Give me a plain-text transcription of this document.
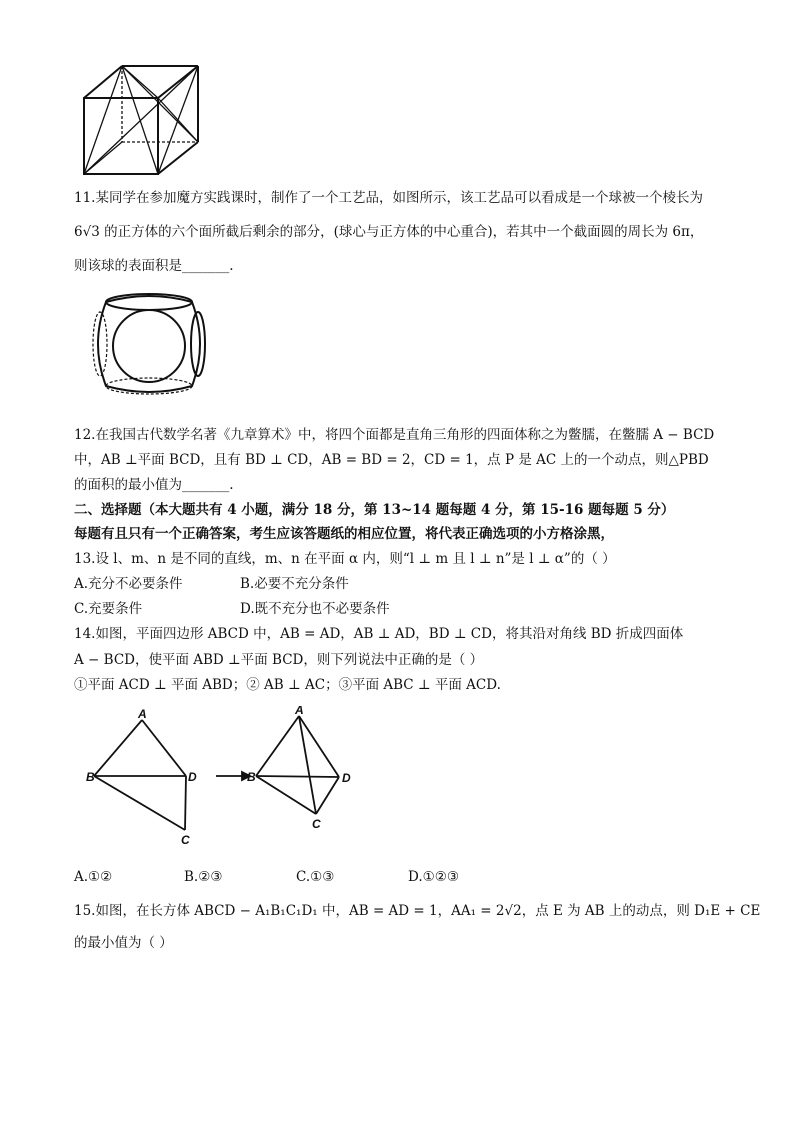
11.某同学在参加魔方实践课时，制作了一个工艺品，如图所示，该工艺品可以看成是一个球被一个棱长为
6√3 的正方体的六个面所截后剩余的部分，(球心与正方体的中心重合)，若其中一个截面圆的周长为 6π，
则该球的表面积是_______.
12.在我国古代数学名著《九章算术》中，将四个面都是直角三角形的四面体称之为鳖臑，在鳖臑 A − BCD
中，AB ⊥平面 BCD，且有 BD ⊥ CD，AB = BD = 2，CD = 1，点 P 是 AC 上的一个动点，则△PBD
的面积的最小值为_______.
二、选择题（本大题共有 4 小题，满分 18 分，第 13~14 题每题 4 分，第 15-16 题每题 5 分）
每题有且只有一个正确答案，考生应该答题纸的相应位置，将代表正确选项的小方格涂黑，
13.设 l、m、n 是不同的直线，m、n 在平面 α 内，则“l ⊥ m 且 l ⊥ n”是 l ⊥ α”的（ ）
A.充分不必要条件	B.必要不充分条件
C.充要条件	D.既不充分也不必要条件
14.如图，平面四边形 ABCD 中，AB = AD，AB ⊥ AD，BD ⊥ CD，将其沿对角线 BD 折成四面体
A − BCD，使平面 ABD ⊥平面 BCD，则下列说法中正确的是（ ）
①平面 ACD ⊥ 平面 ABD；② AB ⊥ AC；③平面 ABC ⊥ 平面 ACD.
A
B	D
C
A
B	D
C
A.①②	B.②③	C.①③	D.①②③
15.如图，在长方体 ABCD − A₁B₁C₁D₁ 中，AB = AD = 1，AA₁ = 2√2，点 E 为 AB 上的动点，则 D₁E + CE
的最小值为（ ）
